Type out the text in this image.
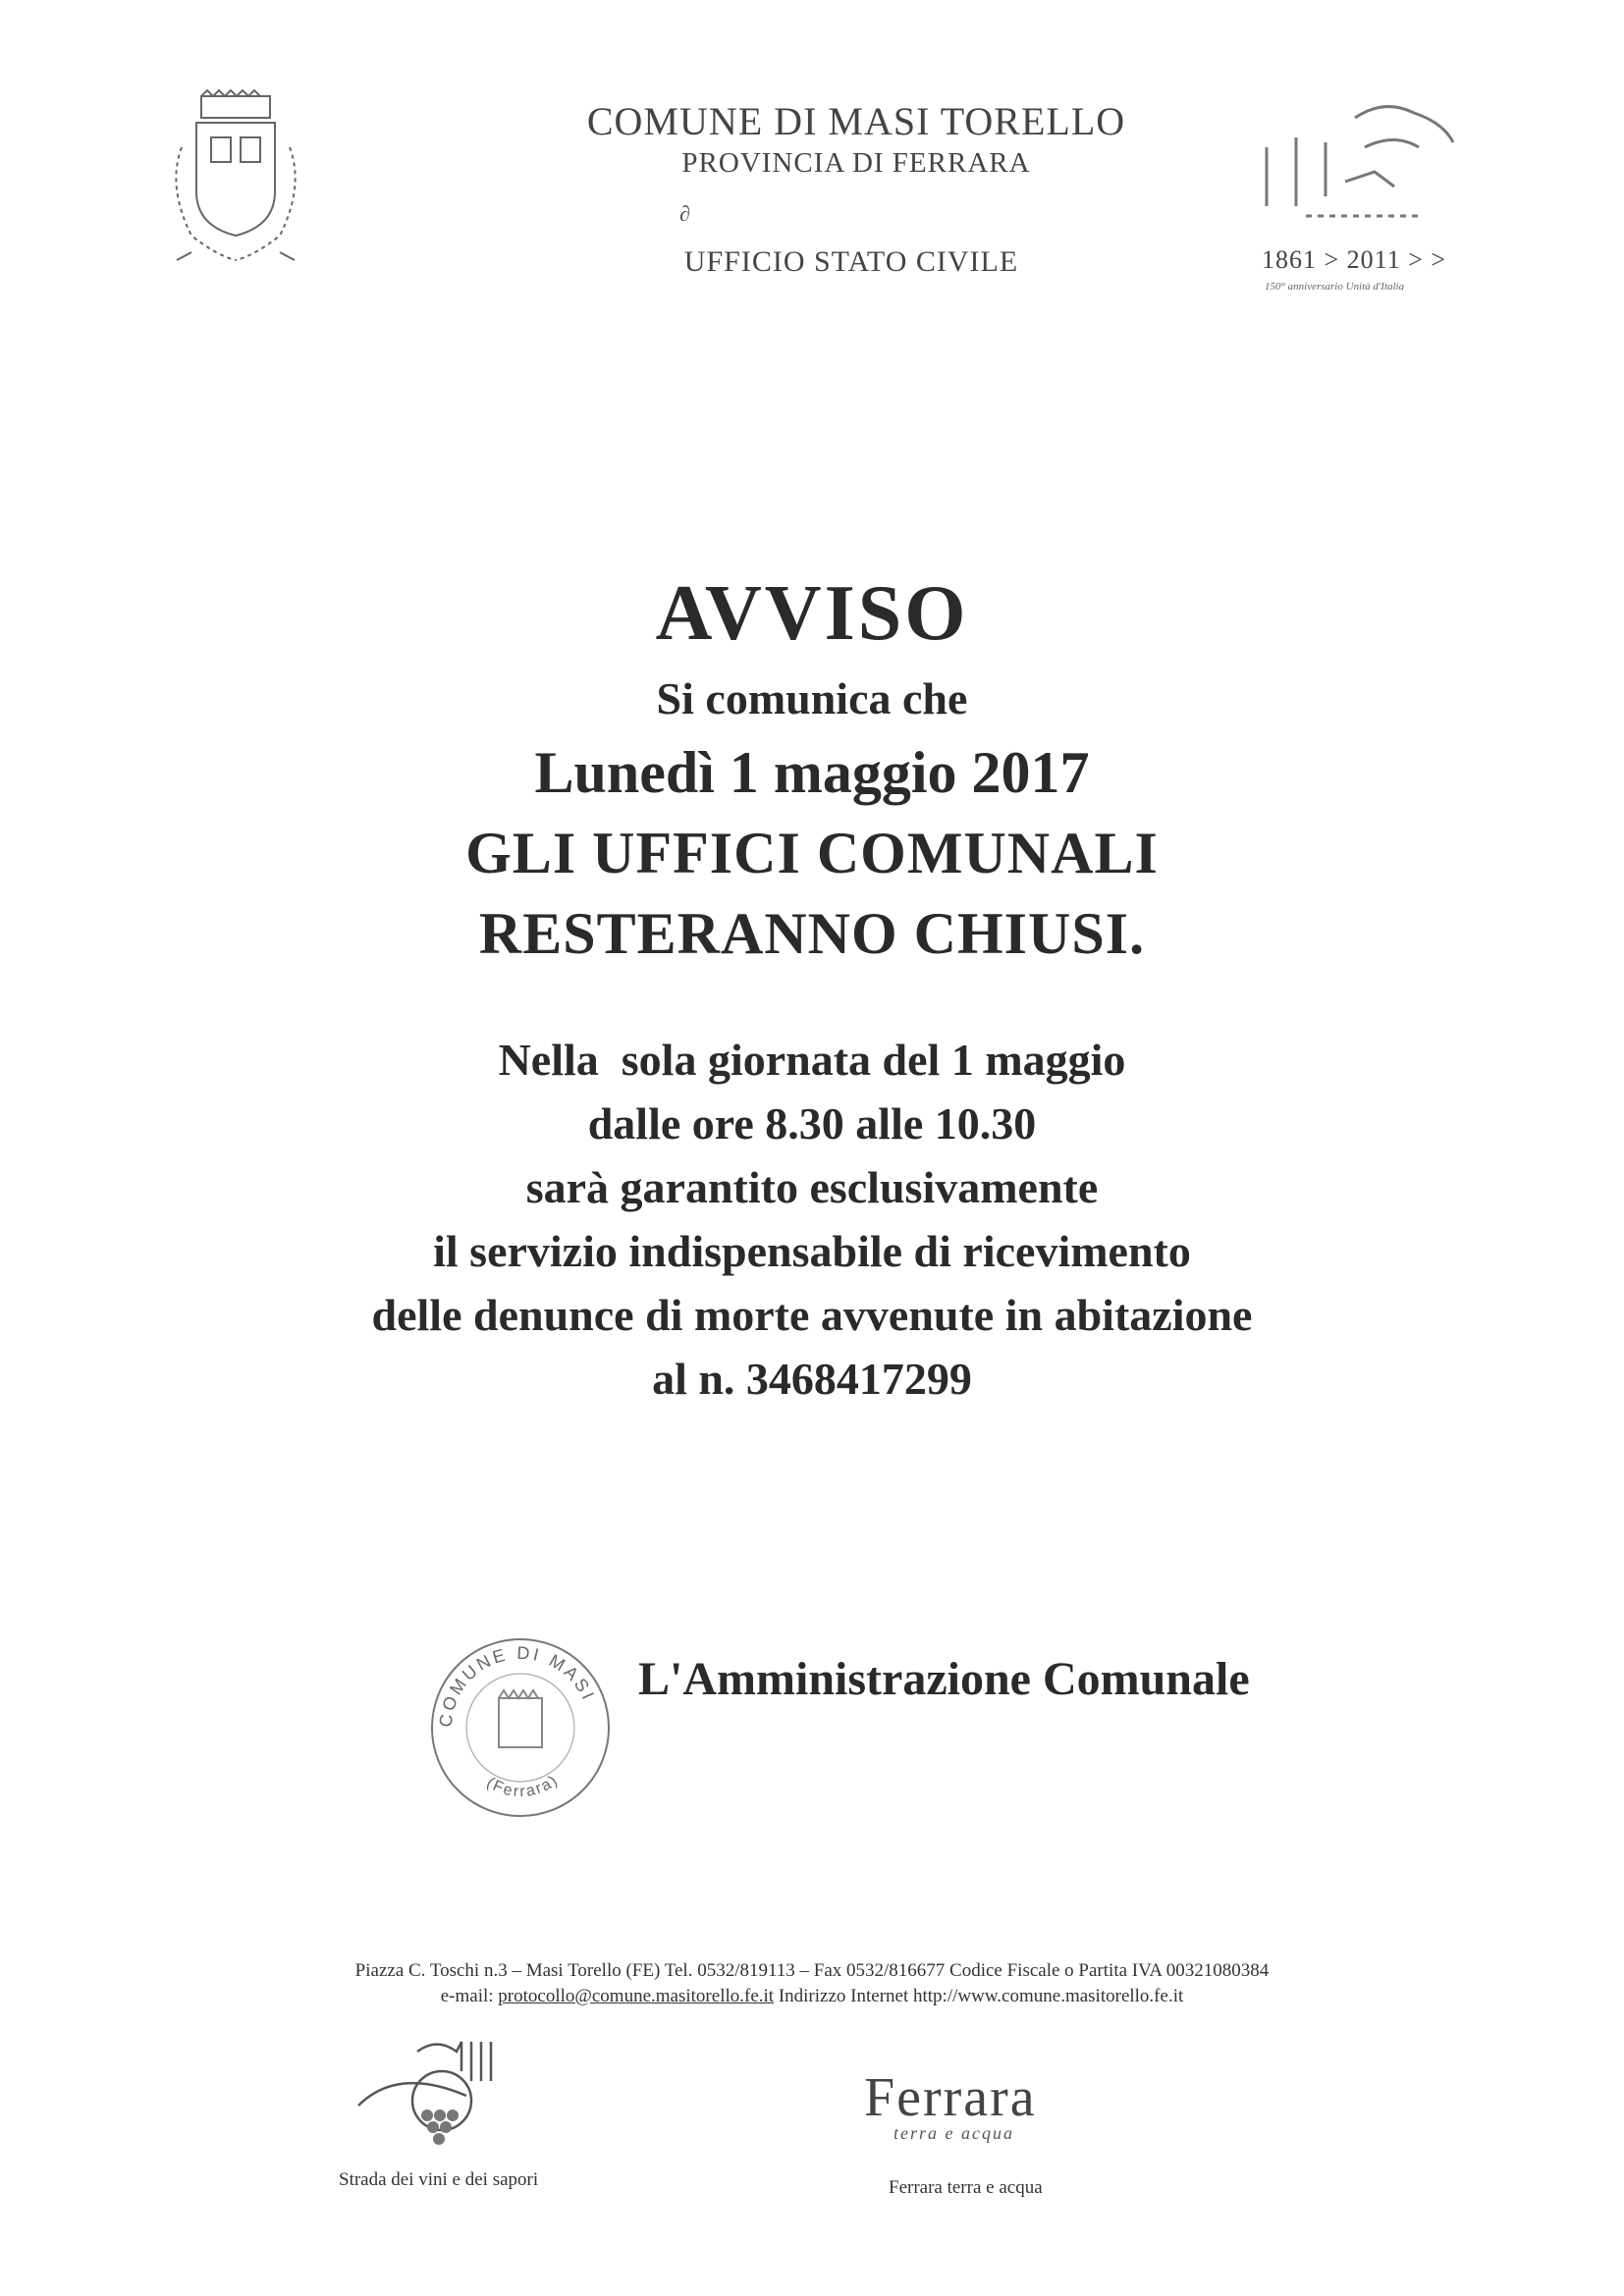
COMUNE DI MASI TORELLO
PROVINCIA DI FERRARA
∂
UFFICIO STATO CIVILE	1861 > 2011 > >
150° anniversario Unità d'Italia
AVVISO
Si comunica che
Lunedì 1 maggio 2017
GLI UFFICI COMUNALI
RESTERANNO CHIUSI.
Nella  sola giornata del 1 maggio
dalle ore 8.30 alle 10.30
sarà garantito esclusivamente
il servizio indispensabile di ricevimento
delle denunce di morte avvenute in abitazione
al n. 3468417299
COMUNE DI MASI
(Ferrara)
L'Amministrazione Comunale
Piazza C. Toschi n.3 – Masi Torello (FE) Tel. 0532/819113 – Fax 0532/816677 Codice Fiscale o Partita IVA 00321080384
e-mail: protocollo@comune.masitorello.fe.it Indirizzo Internet http://www.comune.masitorello.fe.it
Strada dei vini e dei sapori
Ferrara
terra e acqua
Ferrara terra e acqua
